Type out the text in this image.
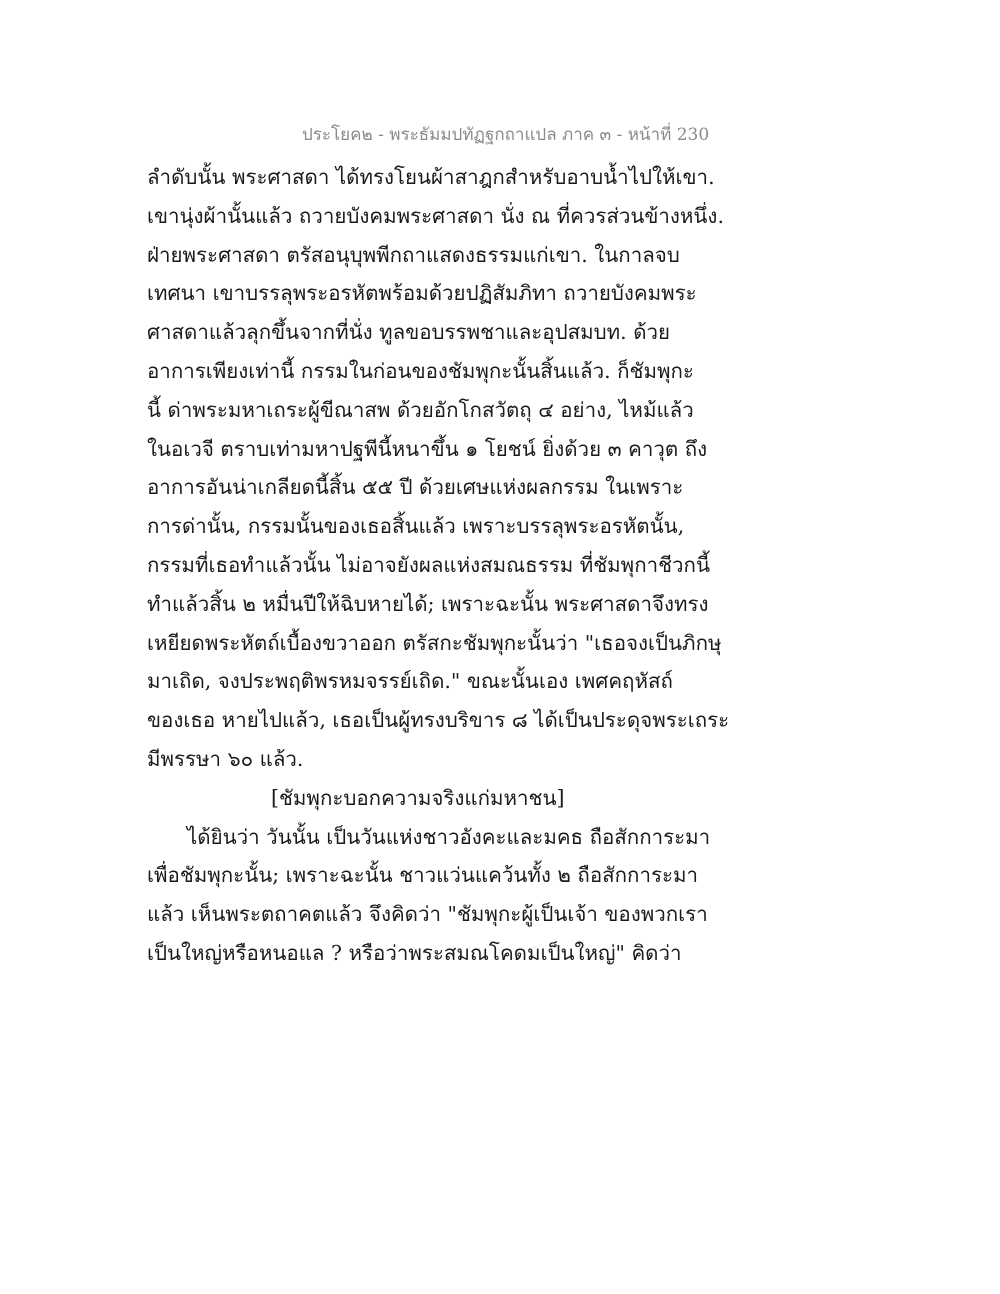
ประโยค๒ - พระธัมมปทัฏฐกถาแปล ภาค ๓ - หน้าที่ 230
ลำดับนั้น พระศาสดา ได้ทรงโยนผ้าสาฎกสำหรับอาบน้ำไปให้เขา.
เขานุ่งผ้านั้นแล้ว ถวายบังคมพระศาสดา นั่ง ณ ที่ควรส่วนข้างหนึ่ง.
ฝ่ายพระศาสดา ตรัสอนุบุพพีกถาแสดงธรรมแก่เขา. ในกาลจบ
เทศนา เขาบรรลุพระอรหัตพร้อมด้วยปฏิสัมภิทา ถวายบังคมพระ
ศาสดาแล้วลุกขึ้นจากที่นั่ง ทูลขอบรรพชาและอุปสมบท. ด้วย
อาการเพียงเท่านี้ กรรมในก่อนของชัมพุกะนั้นสิ้นแล้ว. ก็ชัมพุกะ
นี้ ด่าพระมหาเถระผู้ขีณาสพ ด้วยอักโกสวัตถุ ๔ อย่าง, ไหม้แล้ว
ในอเวจี ตราบเท่ามหาปฐพีนี้หนาขึ้น ๑ โยชน์ ยิ่งด้วย ๓ คาวุต ถึง
อาการอันน่าเกลียดนี้สิ้น ๕๕ ปี ด้วยเศษแห่งผลกรรม ในเพราะ
การด่านั้น, กรรมนั้นของเธอสิ้นแล้ว เพราะบรรลุพระอรหัตนั้น,
กรรมที่เธอทำแล้วนั้น ไม่อาจยังผลแห่งสมณธรรม ที่ชัมพุกาชีวกนี้
ทำแล้วสิ้น ๒ หมื่นปีให้ฉิบหายได้; เพราะฉะนั้น พระศาสดาจึงทรง
เหยียดพระหัตถ์เบื้องขวาออก ตรัสกะชัมพุกะนั้นว่า "เธอจงเป็นภิกษุ
มาเถิด, จงประพฤติพรหมจรรย์เถิด." ขณะนั้นเอง เพศคฤหัสถ์
ของเธอ หายไปแล้ว, เธอเป็นผู้ทรงบริขาร ๘ ได้เป็นประดุจพระเถระ
มีพรรษา ๖๐ แล้ว.
[ชัมพุกะบอกความจริงแก่มหาชน]
ได้ยินว่า วันนั้น เป็นวันแห่งชาวอังคะและมคธ ถือสักการะมา
เพื่อชัมพุกะนั้น; เพราะฉะนั้น ชาวแว่นแคว้นทั้ง ๒ ถือสักการะมา
แล้ว เห็นพระตถาคตแล้ว จึงคิดว่า "ชัมพุกะผู้เป็นเจ้า ของพวกเรา
เป็นใหญ่หรือหนอแล ? หรือว่าพระสมณโคดมเป็นใหญ่" คิดว่า
